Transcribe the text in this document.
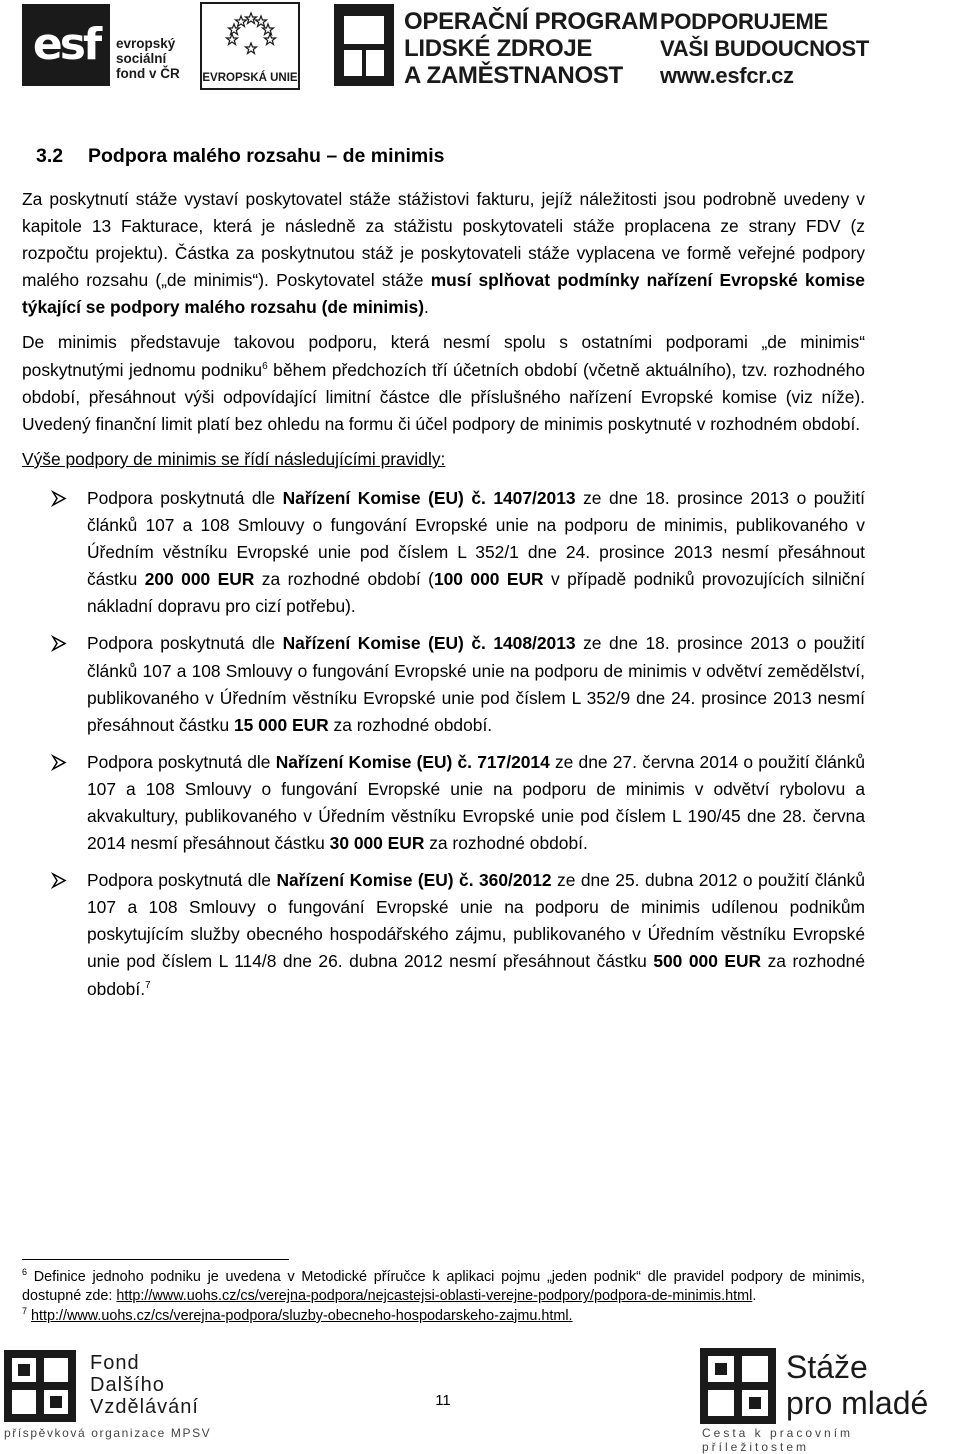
esf	evropský
sociální
fond v ČR EVROPSKÁ UNIE
OPERAČNÍ PROGRAM
LIDSKÉ ZDROJE
A ZAMĚSTNANOST
PODPORUJEME
VAŠI BUDOUCNOST
www.esfcr.cz
3.2 Podpora malého rozsahu – de minimis

Za poskytnutí stáže vystaví poskytovatel stáže stážistovi fakturu, jejíž náležitosti jsou podrobně uvedeny v kapitole 13 Fakturace, která je následně za stážistu poskytovateli stáže proplacena ze strany FDV (z rozpočtu projektu). Částka za poskytnutou stáž je poskytovateli stáže vyplacena ve formě veřejné podpory malého rozsahu („de minimis“). Poskytovatel stáže musí splňovat podmínky nařízení Evropské komise týkající se podpory malého rozsahu (de minimis).

De minimis představuje takovou podporu, která nesmí spolu s ostatními podporami „de minimis“ poskytnutými jednomu podniku$^6$ během předchozích tří účetních období (včetně aktuálního), tzv. rozhodného období, přesáhnout výši odpovídající limitní částce dle příslušného nařízení Evropské komise (viz níže). Uvedený finanční limit platí bez ohledu na formu či účel podpory de minimis poskytnuté v rozhodném období.

Výše podpory de minimis se řídí následujícími pravidly:

Podpora poskytnutá dle Nařízení Komise (EU) č. 1407/2013 ze dne 18. prosince 2013 o použití článků 107 a 108 Smlouvy o fungování Evropské unie na podporu de minimis, publikovaného v Úředním věstníku Evropské unie pod číslem L 352/1 dne 24. prosince 2013 nesmí přesáhnout částku 200 000 EUR za rozhodné období (100 000 EUR v případě podniků provozujících silniční nákladní dopravu pro cizí potřebu).
Podpora poskytnutá dle Nařízení Komise (EU) č. 1408/2013 ze dne 18. prosince 2013 o použití článků 107 a 108 Smlouvy o fungování Evropské unie na podporu de minimis v odvětví zemědělství, publikovaného v Úředním věstníku Evropské unie pod číslem L 352/9 dne 24. prosince 2013 nesmí přesáhnout částku 15 000 EUR za rozhodné období.
Podpora poskytnutá dle Nařízení Komise (EU) č. 717/2014 ze dne 27. června 2014 o použití článků 107 a 108 Smlouvy o fungování Evropské unie na podporu de minimis v odvětví rybolovu a akvakultury, publikovaného v Úředním věstníku Evropské unie pod číslem L 190/45 dne 28. června 2014 nesmí přesáhnout částku 30 000 EUR za rozhodné období.
Podpora poskytnutá dle Nařízení Komise (EU) č. 360/2012 ze dne 25. dubna 2012 o použití článků 107 a 108 Smlouvy o fungování Evropské unie na podporu de minimis udílenou podnikům poskytujícím služby obecného hospodářského zájmu, publikovaného v Úředním věstníku Evropské unie pod číslem L 114/8 dne 26. dubna 2012 nesmí přesáhnout částku 500 000 EUR za rozhodné období.$^7$

$^6$ Definice jednoho podniku je uvedena v Metodické příručce k aplikaci pojmu „jeden podnik“ dle pravidel podpory de minimis, dostupné zde: http://www.uohs.cz/cs/verejna-podpora/nejcastejsi-oblasti-verejne-podpory/podpora-de-minimis.html.

$^7$ http://www.uohs.cz/cs/verejna-podpora/sluzby-obecneho-hospodarskeho-zajmu.html.

Fond
Dalšího
Vzdělávání
příspěvková organizace MPSV
11
Stáže
pro mladé
Cesta k pracovním příležitostem
